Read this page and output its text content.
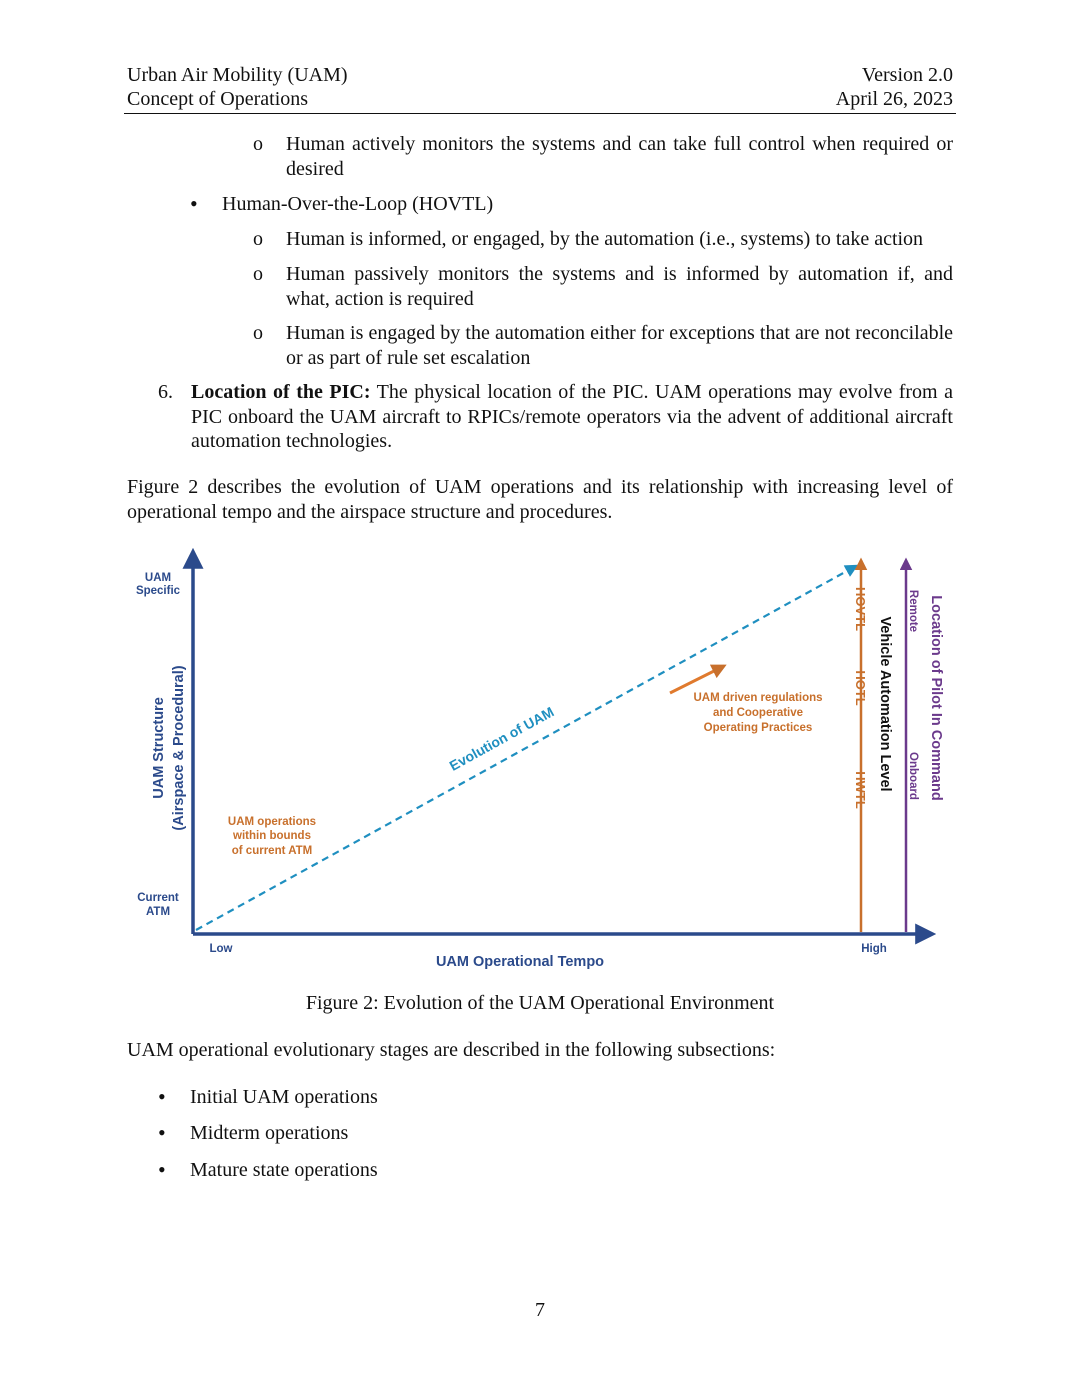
Urban Air Mobility (UAM)
Concept of Operations
Version 2.0
April 26, 2023
o Human actively monitors the systems and can take full control when required or desired
• Human-Over-the-Loop (HOVTL)
o Human is informed, or engaged, by the automation (i.e., systems) to take action
o Human passively monitors the systems and is informed by automation if, and what, action is required
o Human is engaged by the automation either for exceptions that are not reconcilable or as part of rule set escalation
6. Location of the PIC: The physical location of the PIC. UAM operations may evolve from a PIC onboard the UAM aircraft to RPICs/remote operators via the advent of additional aircraft automation technologies.
Figure 2 describes the evolution of UAM operations and its relationship with increasing level of operational tempo and the airspace structure and procedures.
UAM
Specific
Current
ATM
UAM Structure (Airspace & Procedural)
Low	High
UAM Operational Tempo
Evolution of UAM
UAM operations
within bounds
of current ATM
UAM driven regulations
and Cooperative
Operating Practices	Vehicle Automation Level
HOVTL
HOTL
HWTL	Location of Pilot In Command
Remote
Onboard
Figure 2: Evolution of the UAM Operational Environment
UAM operational evolutionary stages are described in the following subsections:
• Initial UAM operations
• Midterm operations
• Mature state operations
7
